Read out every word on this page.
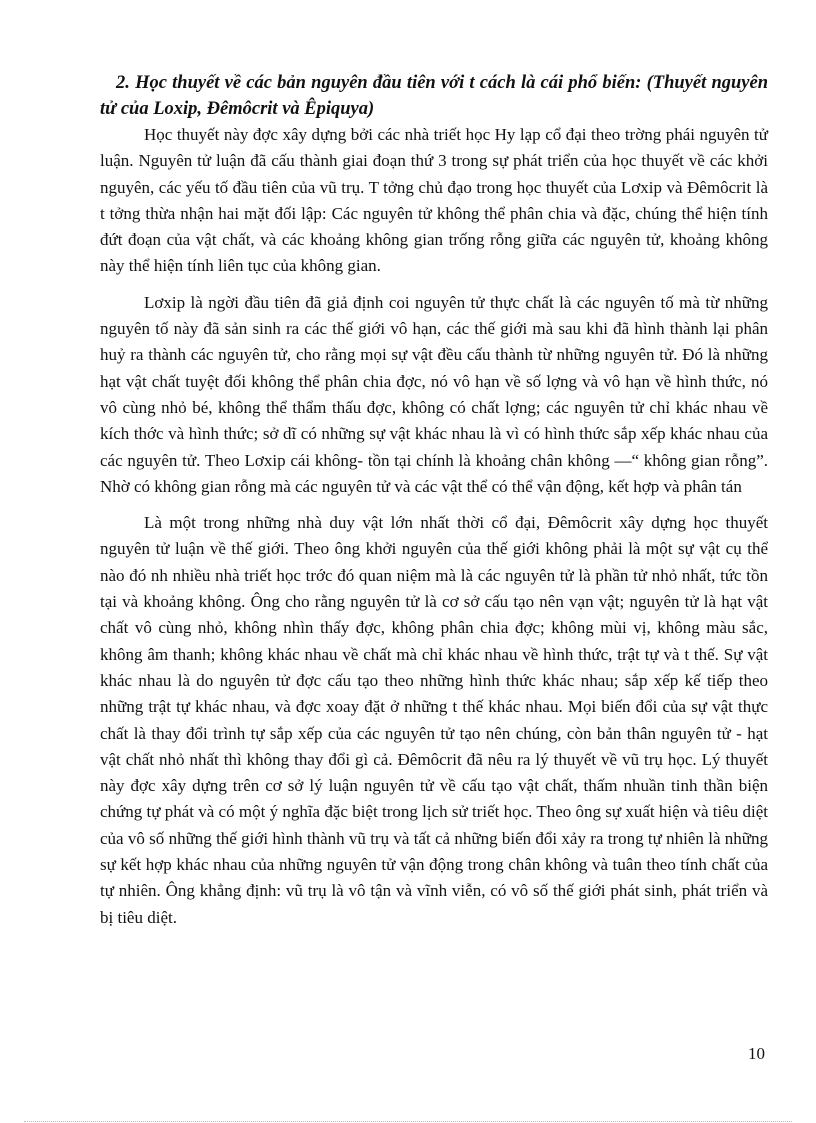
2. Học thuyết về các bản nguyên đầu tiên với t cách là cái phổ biến: (Thuyết nguyên tử của Loxip, Đêmôcrit và Êpiquya)

Học thuyết này đợc xây dựng bởi các nhà triết học Hy lạp cổ đại theo trờng phái nguyên tử luận. Nguyên tử luận đã cấu thành giai đoạn thứ 3 trong sự phát triển của học thuyết về các khởi nguyên, các yếu tố đầu tiên của vũ trụ. T tởng chủ đạo trong học thuyết của Lơxip và Đêmôcrit là t tởng thừa nhận hai mặt đối lập: Các nguyên tử không thể phân chia và đặc, chúng thể hiện tính đứt đoạn của vật chất, và các khoảng không gian trống rỗng giữa các nguyên tử, khoảng không này thể hiện tính liên tục của không gian.

Lơxip là ngời đầu tiên đã giả định coi nguyên tử thực chất là các nguyên tố mà từ những nguyên tố này đã sản sinh ra các thế giới vô hạn, các thế giới mà sau khi đã hình thành lại phân huỷ ra thành các nguyên tử, cho rằng mọi sự vật đều cấu thành từ những nguyên tử. Đó là những hạt vật chất tuyệt đối không thể phân chia đợc, nó vô hạn về số lợng và vô hạn về hình thức, nó vô cùng nhỏ bé, không thể thẩm thấu đợc, không có chất lợng; các nguyên tử chỉ khác nhau về kích thớc và hình thức; sở dĩ có những sự vật khác nhau là vì có hình thức sắp xếp khác nhau của các nguyên tử. Theo Lơxip cái không- tồn tại chính là khoảng chân không —“ không gian rỗng”. Nhờ có không gian rỗng mà các nguyên tử và các vật thể có thể vận động, kết hợp và phân tán

Là một trong những nhà duy vật lớn nhất thời cổ đại, Đêmôcrit xây dựng học thuyết nguyên tử luận về thế giới. Theo ông khởi nguyên của thế giới không phải là một sự vật cụ thể nào đó nh nhiều nhà triết học trớc đó quan niệm mà là các nguyên tử là phần tử nhỏ nhất, tức tồn tại và khoảng không. Ông cho rằng nguyên tử là cơ sở cấu tạo nên vạn vật; nguyên tử là hạt vật chất vô cùng nhỏ, không nhìn thấy đợc, không phân chia đợc; không mùi vị, không màu sắc, không âm thanh; không khác nhau về chất mà chỉ khác nhau về hình thức, trật tự và t thế. Sự vật khác nhau là do nguyên tử đợc cấu tạo theo những hình thức khác nhau; sắp xếp kế tiếp theo những trật tự khác nhau, và đợc xoay đặt ở những t thế khác nhau. Mọi biến đổi của sự vật thực chất là thay đổi trình tự sắp xếp của các nguyên tử tạo nên chúng, còn bản thân nguyên tử - hạt vật chất nhỏ nhất thì không thay đổi gì cả. Đêmôcrit đã nêu ra lý thuyết về vũ trụ học. Lý thuyết này đợc xây dựng trên cơ sở lý luận nguyên tử về cấu tạo vật chất, thấm nhuần tinh thần biện chứng tự phát và có một ý nghĩa đặc biệt trong lịch sử triết học. Theo ông sự xuất hiện và tiêu diệt của vô số những thế giới hình thành vũ trụ và tất cả những biến đổi xảy ra trong tự nhiên là những sự kết hợp khác nhau của những nguyên tử vận động trong chân không và tuân theo tính chất của tự nhiên. Ông khẳng định: vũ trụ là vô tận và vĩnh viễn, có vô số thế giới phát sinh, phát triển và bị tiêu diệt.

10
